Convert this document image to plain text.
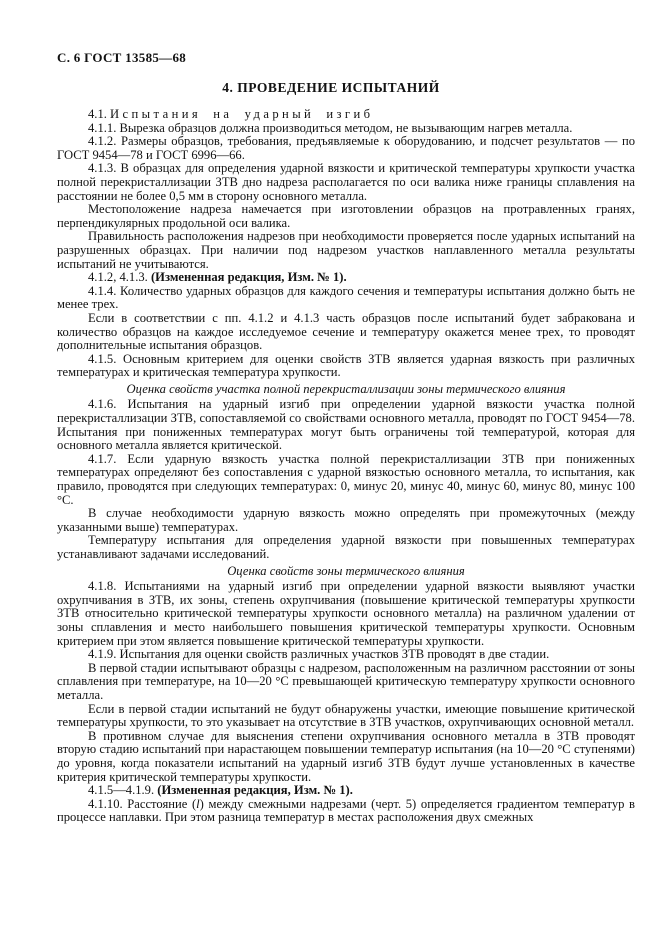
С. 6 ГОСТ 13585—68
4. ПРОВЕДЕНИЕ ИСПЫТАНИЙ

4.1. Испытания на ударный изгиб

4.1.1. Вырезка образцов должна производиться методом, не вызывающим нагрев металла.

4.1.2. Размеры образцов, требования, предъявляемые к оборудованию, и подсчет результатов — по ГОСТ 9454—78 и ГОСТ 6996—66.

4.1.3. В образцах для определения ударной вязкости и критической температуры хрупкости участка полной перекристаллизации ЗТВ дно надреза располагается по оси валика ниже границы сплавления на расстоянии не более 0,5 мм в сторону основного металла.

Местоположение надреза намечается при изготовлении образцов на протравленных гранях, перпендикулярных продольной оси валика.

Правильность расположения надрезов при необходимости проверяется после ударных испытаний на разрушенных образцах. При наличии под надрезом участков наплавленного металла результаты испытаний не учитываются.

4.1.2, 4.1.3. (Измененная редакция, Изм. № 1).

4.1.4. Количество ударных образцов для каждого сечения и температуры испытания должно быть не менее трех.

Если в соответствии с пп. 4.1.2 и 4.1.3 часть образцов после испытаний будет забракована и количество образцов на каждое исследуемое сечение и температуру окажется менее трех, то проводят дополнительные испытания образцов.

4.1.5. Основным критерием для оценки свойств ЗТВ является ударная вязкость при различных температурах и критическая температура хрупкости.

Оценка свойств участка полной перекристаллизации зоны термического влияния

4.1.6. Испытания на ударный изгиб при определении ударной вязкости участка полной перекристаллизации ЗТВ, сопоставляемой со свойствами основного металла, проводят по ГОСТ 9454—78. Испытания при пониженных температурах могут быть ограничены той температурой, которая для основного металла является критической.

4.1.7. Если ударную вязкость участка полной перекристаллизации ЗТВ при пониженных температурах определяют без сопоставления с ударной вязкостью основного металла, то испытания, как правило, проводятся при следующих температурах: 0, минус 20, минус 40, минус 60, минус 80, минус 100 °С.

В случае необходимости ударную вязкость можно определять при промежуточных (между указанными выше) температурах.

Температуру испытания для определения ударной вязкости при повышенных температурах устанавливают задачами исследований.

Оценка свойств зоны термического влияния

4.1.8. Испытаниями на ударный изгиб при определении ударной вязкости выявляют участки охрупчивания в ЗТВ, их зоны, степень охрупчивания (повышение критической температуры хрупкости ЗТВ относительно критической температуры хрупкости основного металла) на различном удалении от зоны сплавления и место наибольшего повышения критической температуры хрупкости. Основным критерием при этом является повышение критической температуры хрупкости.

4.1.9. Испытания для оценки свойств различных участков ЗТВ проводят в две стадии.

В первой стадии испытывают образцы с надрезом, расположенным на различном расстоянии от зоны сплавления при температуре, на 10—20 °С превышающей критическую температуру хрупкости основного металла.

Если в первой стадии испытаний не будут обнаружены участки, имеющие повышение критической температуры хрупкости, то это указывает на отсутствие в ЗТВ участков, охрупчивающих основной металл.

В противном случае для выяснения степени охрупчивания основного металла в ЗТВ проводят вторую стадию испытаний при нарастающем повышении температур испытания (на 10—20 °С ступенями) до уровня, когда показатели испытаний на ударный изгиб ЗТВ будут лучше установленных в качестве критерия критической температуры хрупкости.

4.1.5—4.1.9. (Измененная редакция, Изм. № 1).

4.1.10. Расстояние (l) между смежными надрезами (черт. 5) определяется градиентом температур в процессе наплавки. При этом разница температур в местах расположения двух смежных
